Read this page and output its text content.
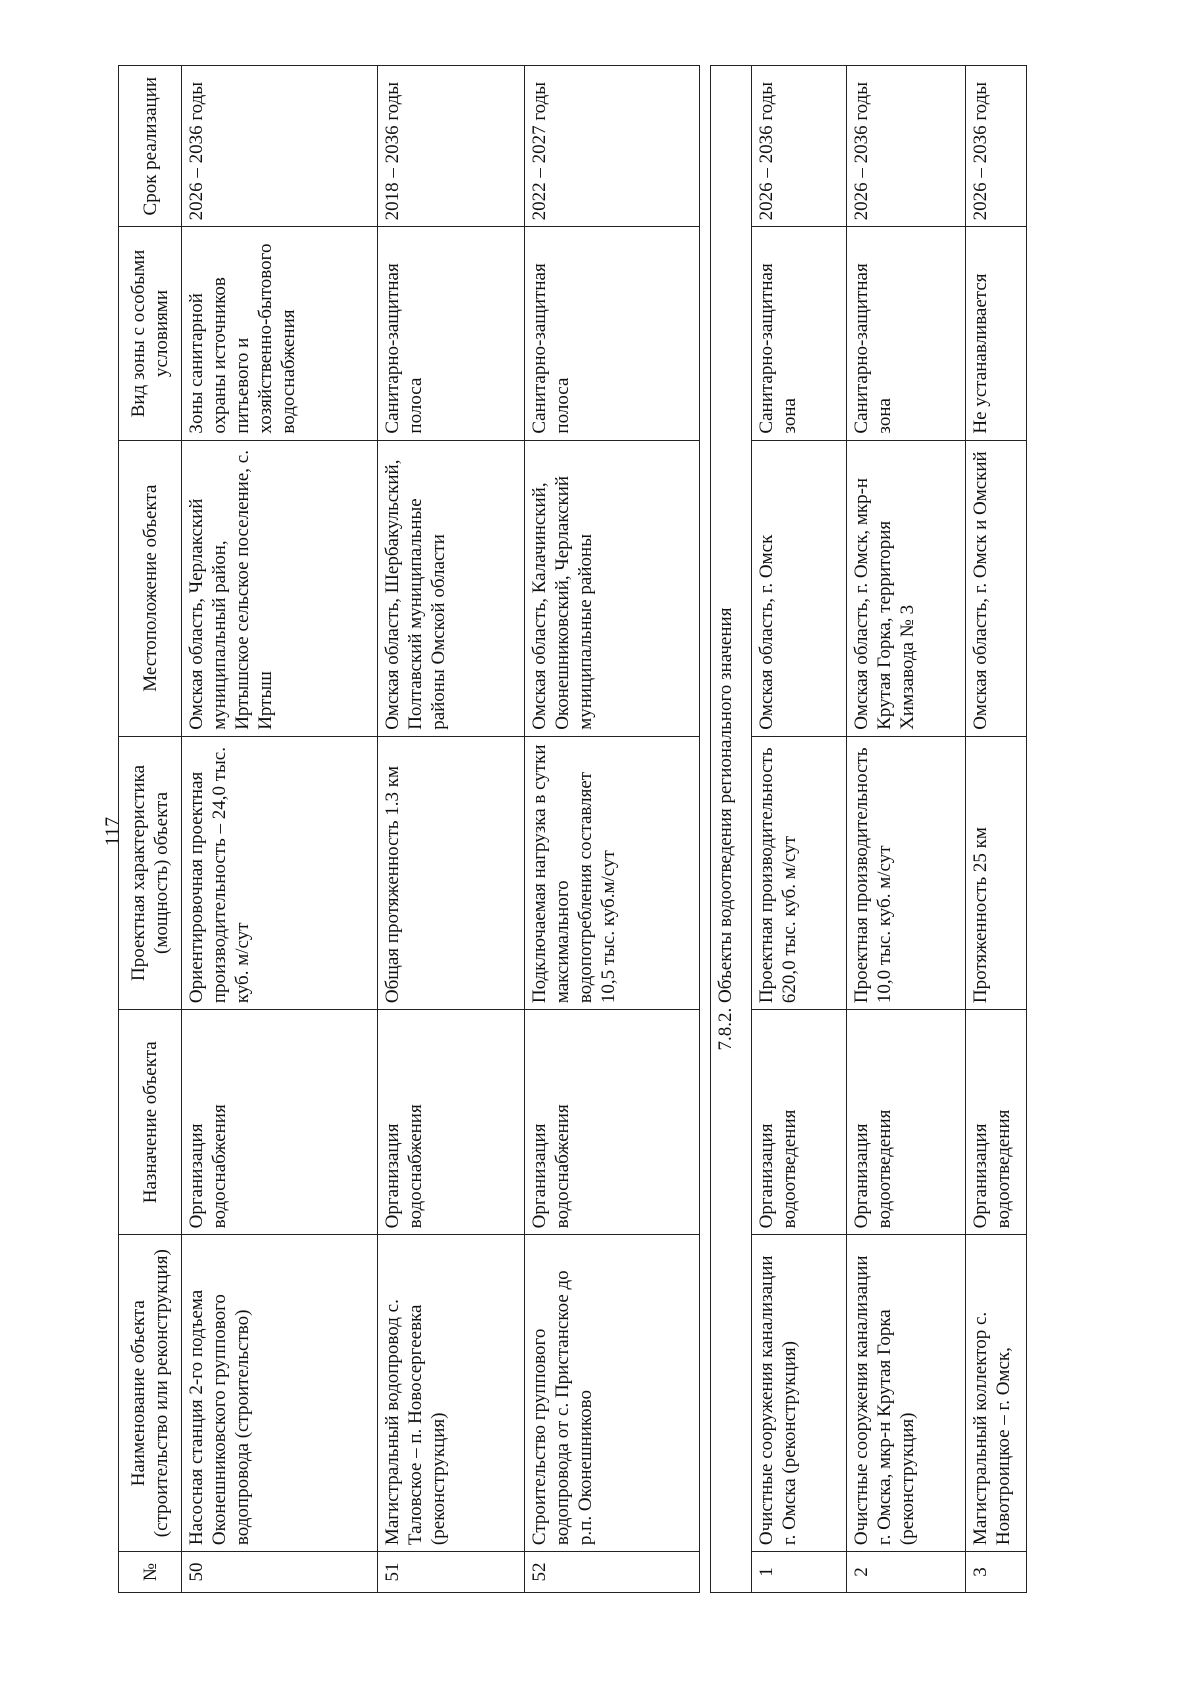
117
№	Наименование объекта (строительство или реконструкция)	Назначение объекта	Проектная характеристика (мощность) объекта	Местоположение объекта	Вид зоны с особыми условиями	Срок реализации
50	Насосная станция 2-го подъема Оконешниковского группового водопровода (строительство)	Организация водоснабжения	Ориентировочная проектная производительность – 24,0 тыс. куб. м/сут	Омская область, Черлакский муниципальный район, Иртышское сельское поселение, с. Иртыш	Зоны санитарной охраны источников питьевого и хозяйственно-бытового водоснабжения	2026 – 2036 годы
51	Магистральный водопровод с. Таловское – п. Новосергеевка (реконструкция)	Организация водоснабжения	Общая протяженность 1.3 км	Омская область, Шербакульский, Полтавский муниципальные районы Омской области	Санитарно-защитная полоса	2018 – 2036 годы
52	Строительство группового водопровода от с. Пристанское до р.п. Оконешниково	Организация водоснабжения	Подключаемая нагрузка в сутки максимального водопотребления составляет 10,5 тыс. куб.м/сут	Омская область, Калачинский, Оконешниковский, Черлакский муниципальные районы	Санитарно-защитная полоса	2022 – 2027 годы

7.8.2. Объекты водоотведения регионального значения						
1	Очистные сооружения канализации г. Омска (реконструкция)	Организация водоотведения	Проектная производительность 620,0 тыс. куб. м/сут	Омская область, г. Омск	Санитарно-защитная зона	2026 – 2036 годы
2	Очистные сооружения канализации г. Омска, мкр-н Крутая Горка (реконструкция)	Организация водоотведения	Проектная производительность 10,0 тыс. куб. м/сут	Омская область, г. Омск, мкр-н Крутая Горка, территория Химзавода № 3	Санитарно-защитная зона	2026 – 2036 годы
3	Магистральный коллектор с. Новотроицкое – г. Омск,	Организация водоотведения	Протяженность 25 км	Омская область, г. Омск и Омский	Не устанавливается	2026 – 2036 годы
